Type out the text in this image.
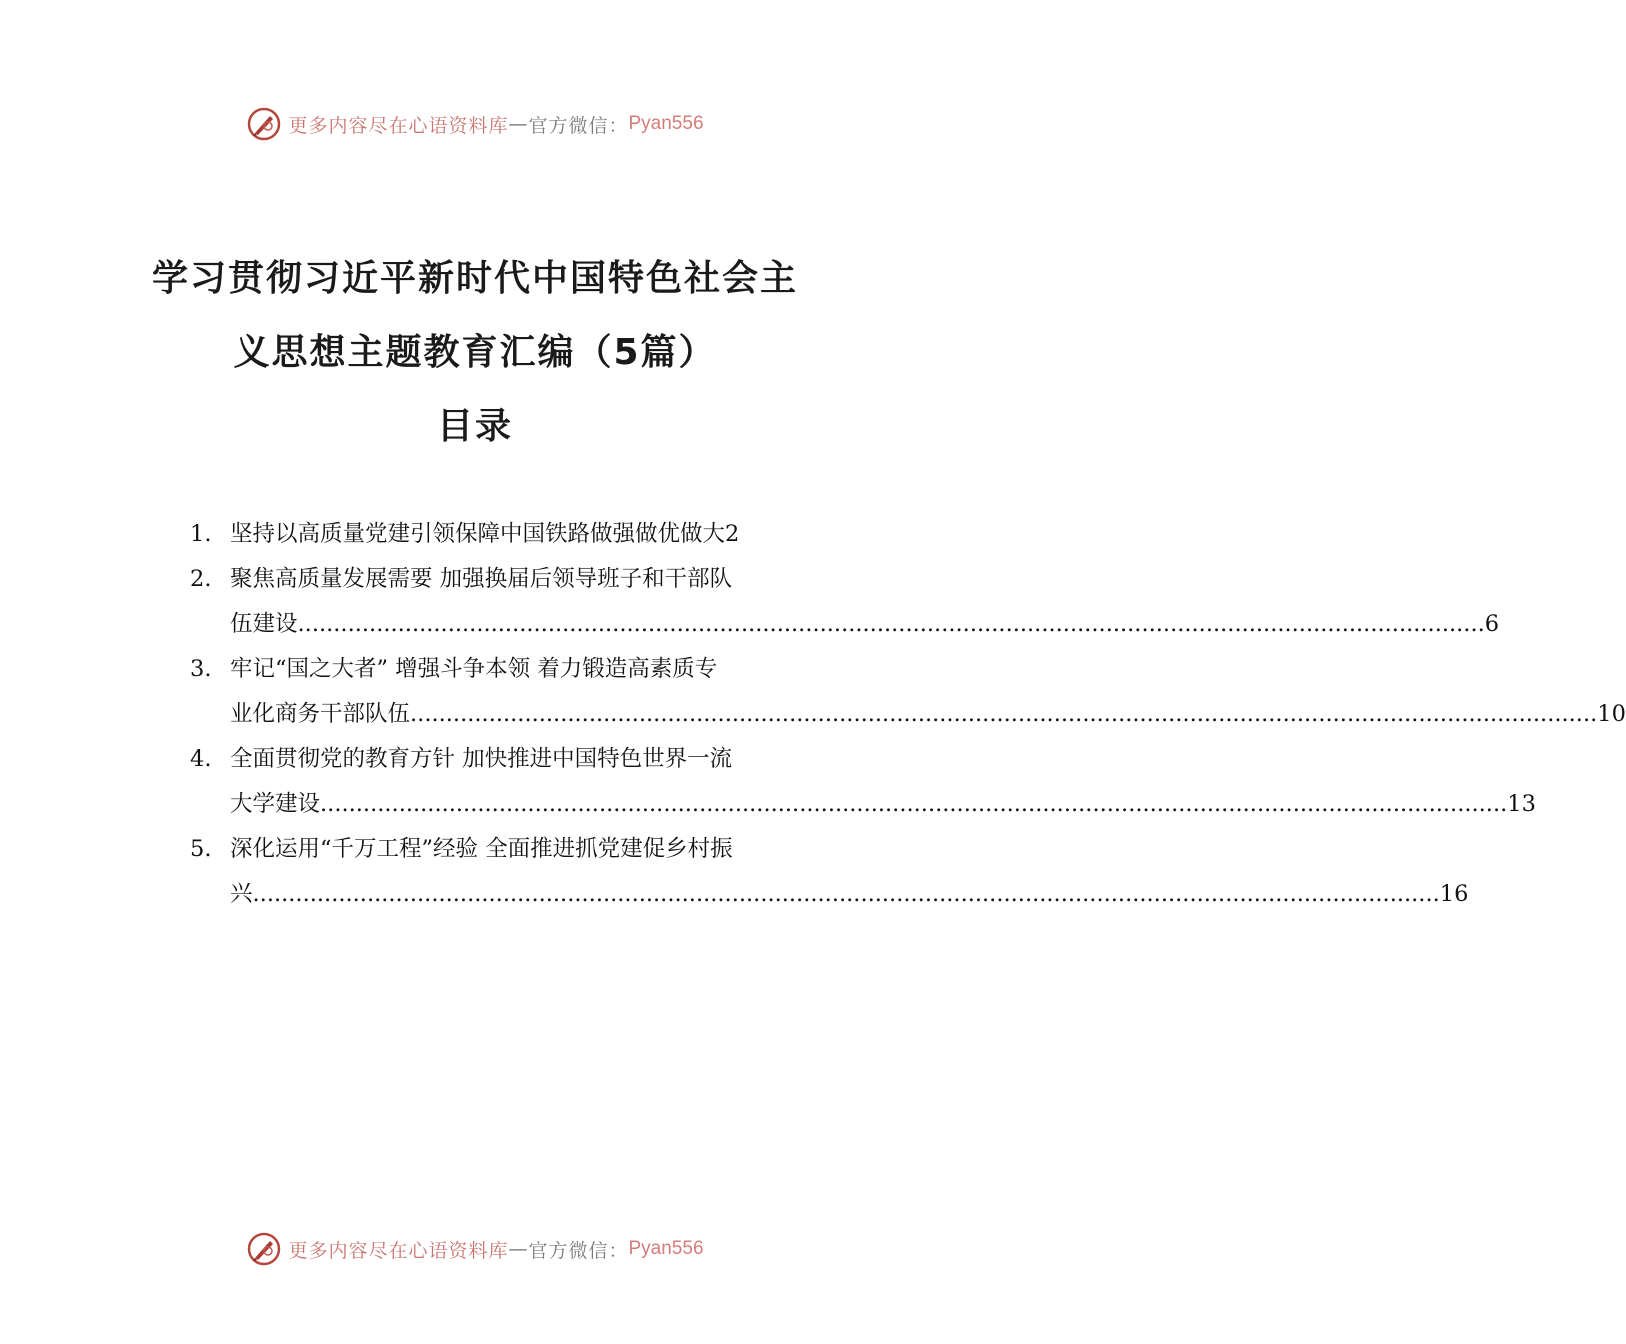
更多内容尽在心语资料库 — 官方微信： Pyan556
学习贯彻习近平新时代中国特色社会主
义思想主题教育汇编（5篇）
目录
1. 坚持以高质量党建引领保障中国铁路做强做优做大 2
2. 聚焦高质量发展需要 加强换届后领导班子和干部队
伍建设 .....	6
3. 牢记“国之大者” 增强斗争本领 着力锻造高素质专
业化商务干部队伍 .....	10
4. 全面贯彻党的教育方针 加快推进中国特色世界一流
大学建设 .....	13
5. 深化运用“千万工程”经验 全面推进抓党建促乡村振
兴 .....	16
更多内容尽在心语资料库 — 官方微信： Pyan556
